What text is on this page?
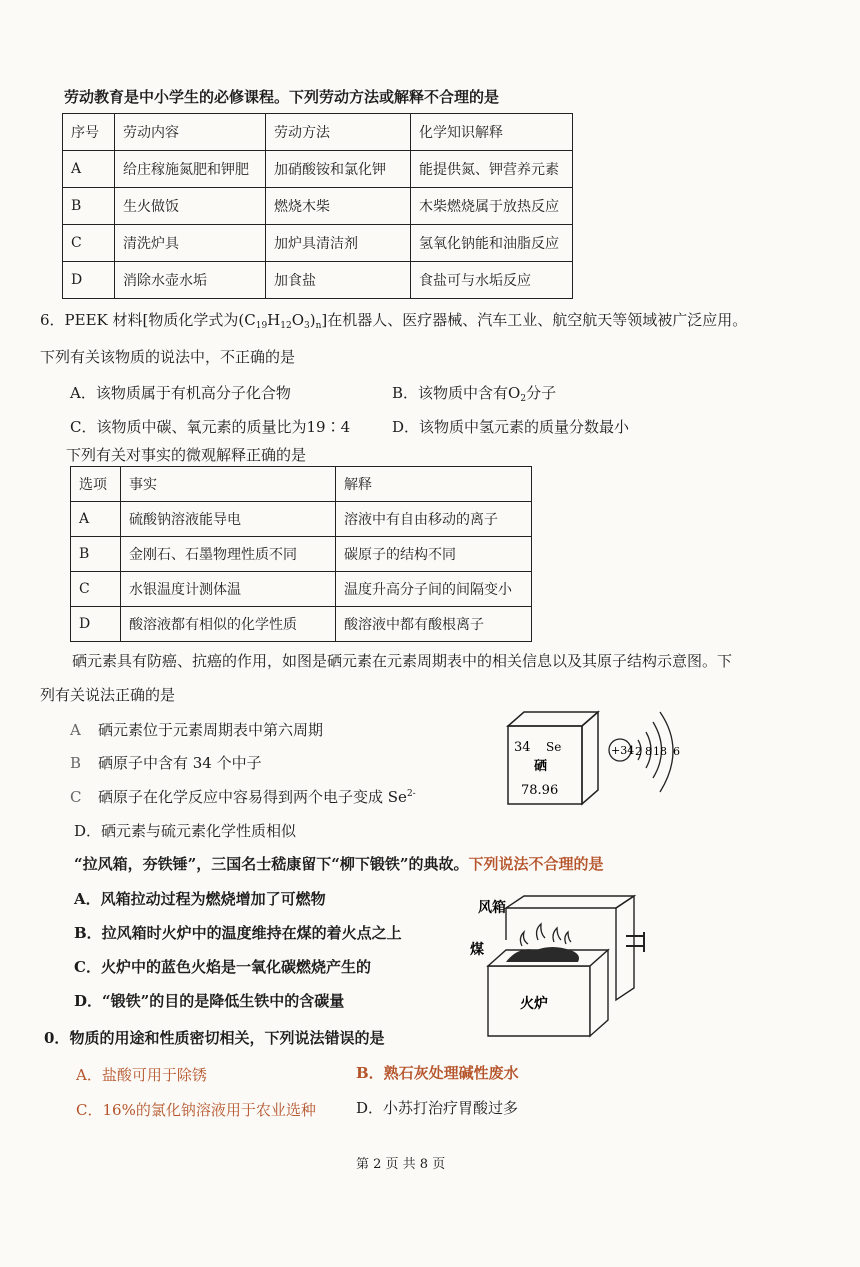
劳动教育是中小学生的必修课程。下列劳动方法或解释不合理的是
序号	劳动内容	劳动方法	化学知识解释
A	给庄稼施氮肥和钾肥	加硝酸铵和氯化钾	能提供氮、钾营养元素
B	生火做饭	燃烧木柴	木柴燃烧属于放热反应
C	清洗炉具	加炉具清洁剂	氢氧化钠能和油脂反应
D	消除水壶水垢	加食盐	食盐可与水垢反应
6．PEEK 材料[物质化学式为$(C_{19}H_{12}O_3)_n$]在机器人、医疗器械、汽车工业、航空航天等领域被广泛应用。
下列有关该物质的说法中，不正确的是
A．该物质属于有机高分子化合物	B．该物质中含有$O_2$分子
C．该物质中碳、氧元素的质量比为19∶4	D．该物质中氢元素的质量分数最小
下列有关对事实的微观解释正确的是
选项	事实	解释
A	硫酸钠溶液能导电	溶液中有自由移动的离子
B	金刚石、石墨物理性质不同	碳原子的结构不同
C	水银温度计测体温	温度升高分子间的间隔变小
D	酸溶液都有相似的化学性质	酸溶液中都有酸根离子
硒元素具有防癌、抗癌的作用，如图是硒元素在元素周期表中的相关信息以及其原子结构示意图。下
列有关说法正确的是
A 硒元素位于元素周期表中第六周期
B 硒原子中含有 34 个中子
C 硒原子在化学反应中容易得到两个电子变成 $Se^{2-}$
D．硒元素与硫元素化学性质相似
34 Se
硒
78.96
+34 2 8 18 6
“拉风箱，夯铁锤”，三国名士嵇康留下“柳下锻铁”的典故。下列说法不合理的是
A．风箱拉动过程为燃烧增加了可燃物
B．拉风箱时火炉中的温度维持在煤的着火点之上
C．火炉中的蓝色火焰是一氧化碳燃烧产生的
D．“锻铁”的目的是降低生铁中的含碳量
风箱
煤
火炉
0．物质的用途和性质密切相关，下列说法错误的是
A．盐酸可用于除锈	B．熟石灰处理碱性废水
C．16%的氯化钠溶液用于农业选种	D．小苏打治疗胃酸过多
第 2 页 共 8 页
